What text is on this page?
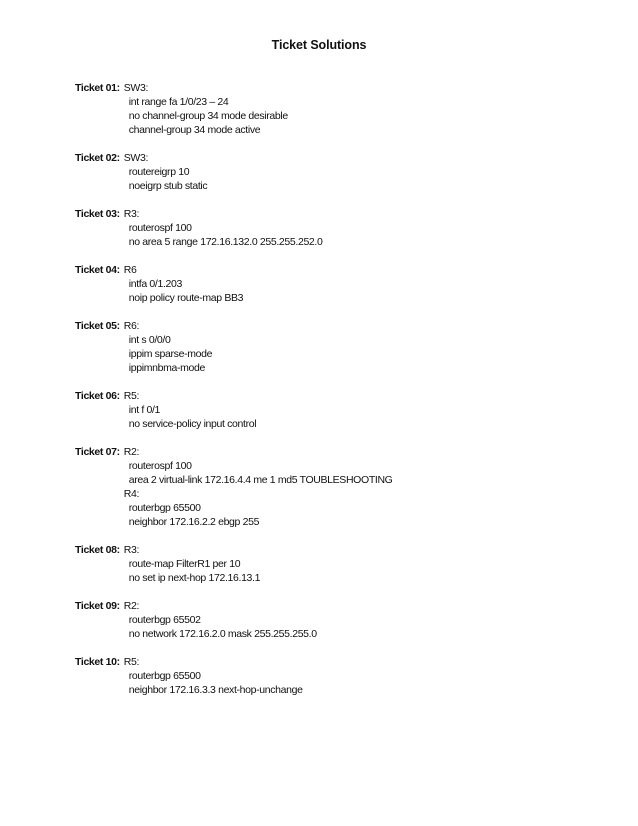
Ticket Solutions
Ticket 01: SW3:
int range fa 1/0/23 – 24
no channel-group 34 mode desirable
channel-group 34 mode active
Ticket 02: SW3:
routereigrp 10
noeigrp stub static
Ticket 03: R3:
routerospf 100
no area 5 range 172.16.132.0 255.255.252.0
Ticket 04: R6
intfa 0/1.203
noip policy route-map BB3
Ticket 05: R6:
int s 0/0/0
ippim sparse-mode
ippimnbma-mode
Ticket 06: R5:
int f 0/1
no service-policy input control
Ticket 07: R2:
routerospf 100
area 2 virtual-link 172.16.4.4 me 1 md5 TOUBLESHOOTING
R4:
routerbgp 65500
neighbor 172.16.2.2 ebgp 255
Ticket 08: R3:
route-map FilterR1 per 10
no set ip next-hop 172.16.13.1
Ticket 09: R2:
routerbgp 65502
no network 172.16.2.0 mask 255.255.255.0
Ticket 10: R5:
routerbgp 65500
neighbor 172.16.3.3 next-hop-unchange
